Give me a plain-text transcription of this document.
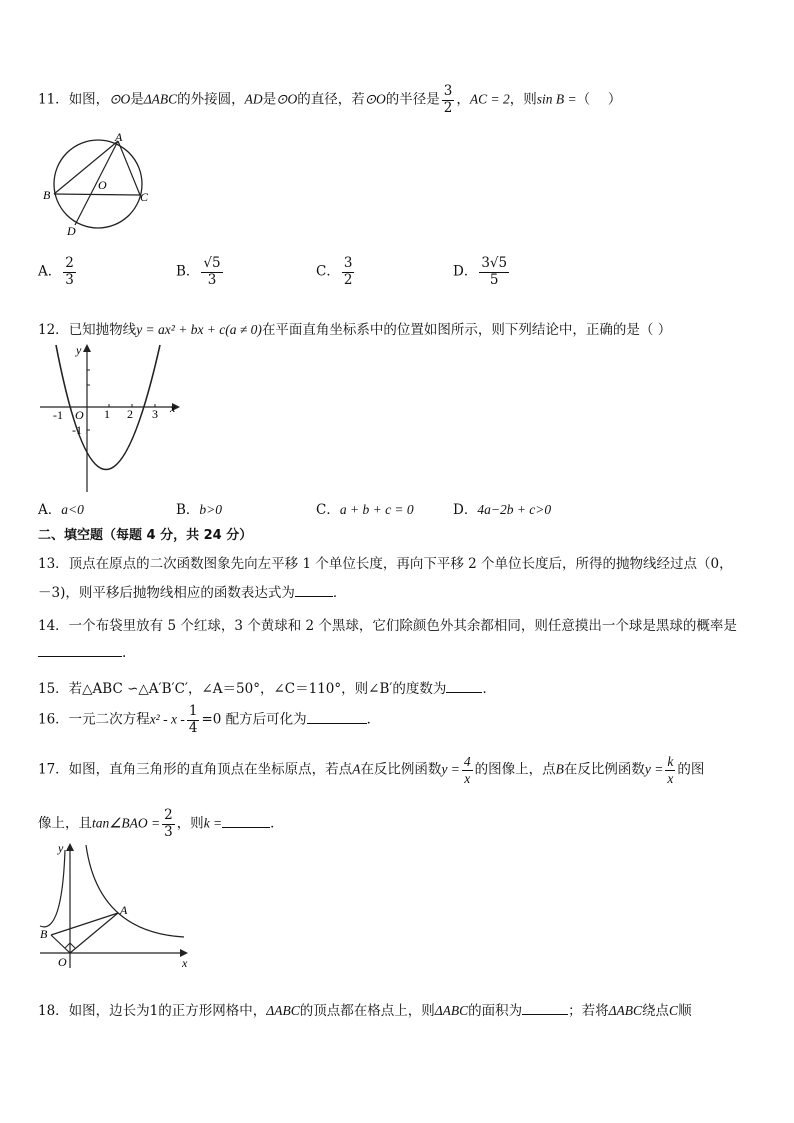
11．如图，⊙O是ΔABC的外接圆，AD是⊙O的直径，若⊙O的半径是 $\frac{3}{2}$ ，AC = 2，则sin B =（　 ）
A
B	C
D
O
A． $\frac{2}{3}$	B． $\frac{√5}{3}$	C． $\frac{3}{2}$	D． $\frac{3√5}{5}$
12．已知抛物线y = ax² + bx + c(a ≠ 0)在平面直角坐标系中的位置如图所示，则下列结论中，正确的是（ ）
y
x
O
-1	1 2 3
-1
A．a<0	B．b>0	C．a + b + c = 0	D．4a−2b + c>0
二、填空题（每题 4 分，共 24 分）
13．顶点在原点的二次函数图象先向左平移 1 个单位长度，再向下平移 2 个单位长度后，所得的抛物线经过点（0，
－3)，则平移后抛物线相应的函数表达式为	．
14．一个布袋里放有 5 个红球，3 个黄球和 2 个黑球，它们除颜色外其余都相同，则任意摸出一个球是黑球的概率是
.
15．若△ABC ∽△A′B′C′，∠A＝50°，∠C＝110°，则∠B′的度数为	．
16．一元二次方程$x^2 - x - \frac{1}{4} =0$ 配方后可化为	．
17．如图，直角三角形的直角顶点在坐标原点，若点A在反比例函数$y = \frac{4}{x}$ 的图像上，点B在反比例函数$y = \frac{k}{x}$ 的图
像上，且tan∠BAO = $\frac{2}{3}$ ，则k =	．
y
x
O
A
B
18．如图，边长为1的正方形网格中，ΔABC的顶点都在格点上，则ΔABC的面积为	；若将ΔABC绕点C顺
